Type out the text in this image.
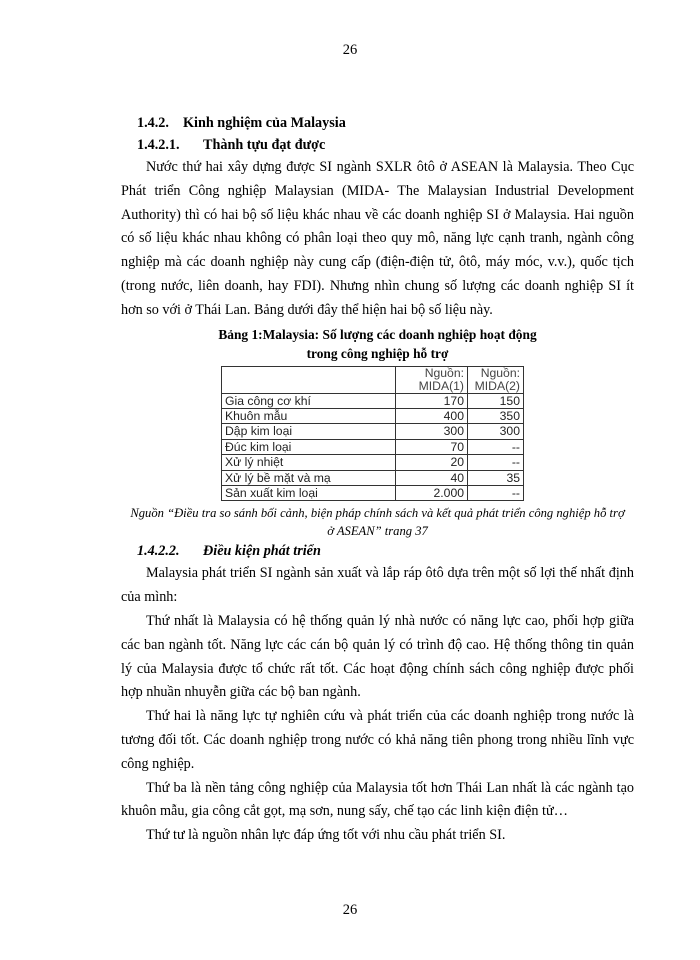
26
1.4.2. Kinh nghiệm của Malaysia
1.4.2.1. Thành tựu đạt được

Nước thứ hai xây dựng được SI ngành SXLR ôtô ở ASEAN là Malaysia. Theo Cục Phát triển Công nghiệp Malaysian (MIDA- The Malaysian Industrial Development Authority) thì có hai bộ số liệu khác nhau về các doanh nghiệp SI ở Malaysia. Hai nguồn có số liệu khác nhau không có phân loại theo quy mô, năng lực cạnh tranh, ngành công nghiệp mà các doanh nghiệp này cung cấp (điện-điện tử, ôtô, máy móc, v.v.), quốc tịch (trong nước, liên doanh, hay FDI). Nhưng nhìn chung số lượng các doanh nghiệp SI ít hơn so với ở Thái Lan. Bảng dưới đây thể hiện hai bộ số liệu này.

Bảng 1:Malaysia: Số lượng các doanh nghiệp hoạt động
trong công nghiệp hỗ trợ
	Nguồn: MIDA(1)	Nguồn: MIDA(2)
Gia công cơ khí	170	150
Khuôn mẫu	400	350
Dập kim loại	300	300
Đúc kim loại	70	--
Xử lý nhiệt	20	--
Xử lý bề mặt và mạ	40	35
Sản xuất kim loại	2.000	--
Nguồn “Điều tra so sánh bối cảnh, biện pháp chính sách và kết quả phát triển công nghiệp hỗ trợ
ở ASEAN” trang 37
1.4.2.2. Điều kiện phát triển

Malaysia phát triển SI ngành sản xuất và lắp ráp ôtô dựa trên một số lợi thế nhất định của mình:

Thứ nhất là Malaysia có hệ thống quản lý nhà nước có năng lực cao, phối hợp giữa các ban ngành tốt. Năng lực các cán bộ quản lý có trình độ cao. Hệ thống thông tin quản lý của Malaysia được tổ chức rất tốt. Các hoạt động chính sách công nghiệp được phối hợp nhuần nhuyễn giữa các bộ ban ngành.

Thứ hai là năng lực tự nghiên cứu và phát triển của các doanh nghiệp trong nước là tương đối tốt. Các doanh nghiệp trong nước có khả năng tiên phong trong nhiều lĩnh vực công nghiệp.

Thứ ba là nền tảng công nghiệp của Malaysia tốt hơn Thái Lan nhất là các ngành tạo khuôn mẫu, gia công cắt gọt, mạ sơn, nung sấy, chế tạo các linh kiện điện tử…

Thứ tư là nguồn nhân lực đáp ứng tốt với nhu cầu phát triển SI.

26
